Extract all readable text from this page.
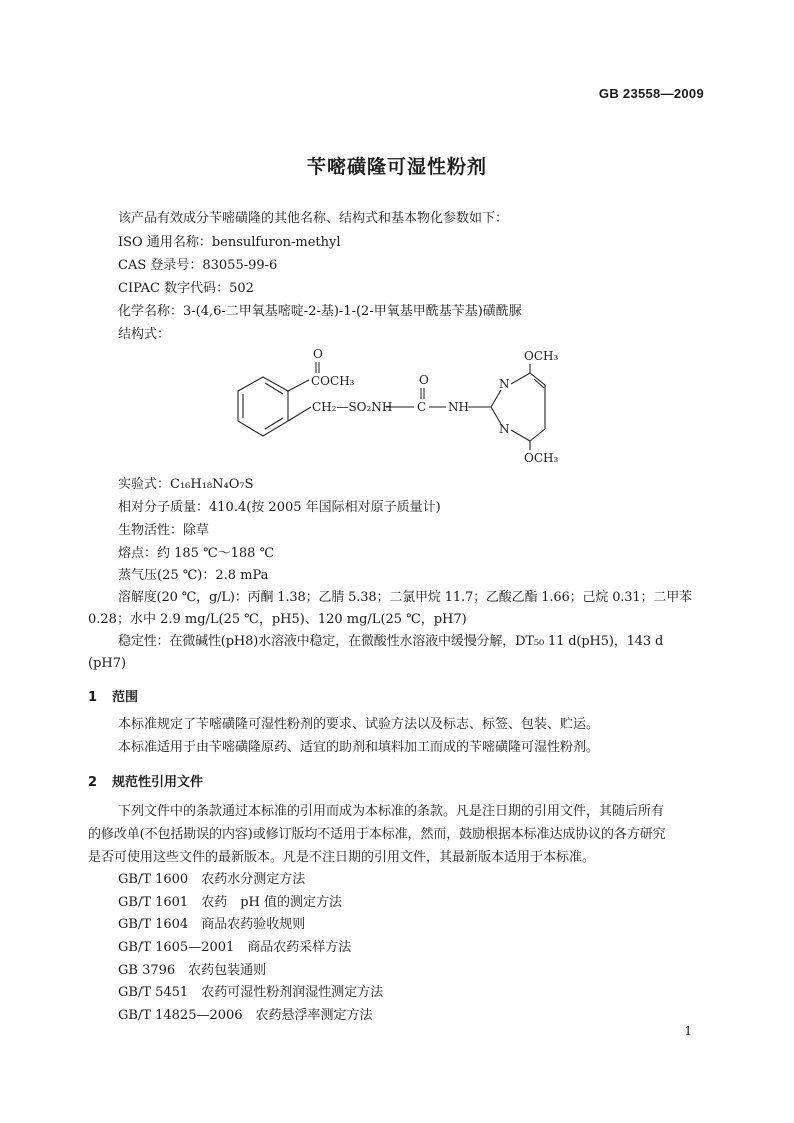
GB 23558—2009
苄嘧磺隆可湿性粉剂
该产品有效成分苄嘧磺隆的其他名称、结构式和基本物化参数如下：
ISO 通用名称：bensulfuron-methyl
CAS 登录号：83055-99-6
CIPAC 数字代码：502
化学名称：3-(4,6-二甲氧基嘧啶-2-基)-1-(2-甲氧基甲酰基苄基)磺酰脲
结构式：
O
COCH₃
CH₂—SO₂NH
O
C NH
N
N
OCH₃
OCH₃
实验式：C₁₆H₁₈N₄O₇S
相对分子质量：410.4(按 2005 年国际相对原子质量计)
生物活性：除草
熔点：约 185 ℃～188 ℃
蒸气压(25 ℃)：2.8 mPa
溶解度(20 ℃，g/L)：丙酮 1.38；乙腈 5.38；二氯甲烷 11.7；乙酸乙酯 1.66；己烷 0.31；二甲苯
0.28；水中 2.9 mg/L(25 ℃，pH5)、120 mg/L(25 ℃，pH7)
稳定性：在微碱性(pH8)水溶液中稳定，在微酸性水溶液中缓慢分解，DT₅₀ 11 d(pH5)，143 d
(pH7)
1 范围
本标准规定了苄嘧磺隆可湿性粉剂的要求、试验方法以及标志、标签、包装、贮运。
本标准适用于由苄嘧磺隆原药、适宜的助剂和填料加工而成的苄嘧磺隆可湿性粉剂。
2 规范性引用文件
下列文件中的条款通过本标准的引用而成为本标准的条款。凡是注日期的引用文件，其随后所有
的修改单(不包括勘误的内容)或修订版均不适用于本标准，然而，鼓励根据本标准达成协议的各方研究
是否可使用这些文件的最新版本。凡是不注日期的引用文件，其最新版本适用于本标准。
GB/T 1600　农药水分测定方法
GB/T 1601　农药　pH 值的测定方法
GB/T 1604　商品农药验收规则
GB/T 1605—2001　商品农药采样方法
GB 3796　农药包装通则
GB/T 5451　农药可湿性粉剂润湿性测定方法
GB/T 14825—2006　农药悬浮率测定方法
1
